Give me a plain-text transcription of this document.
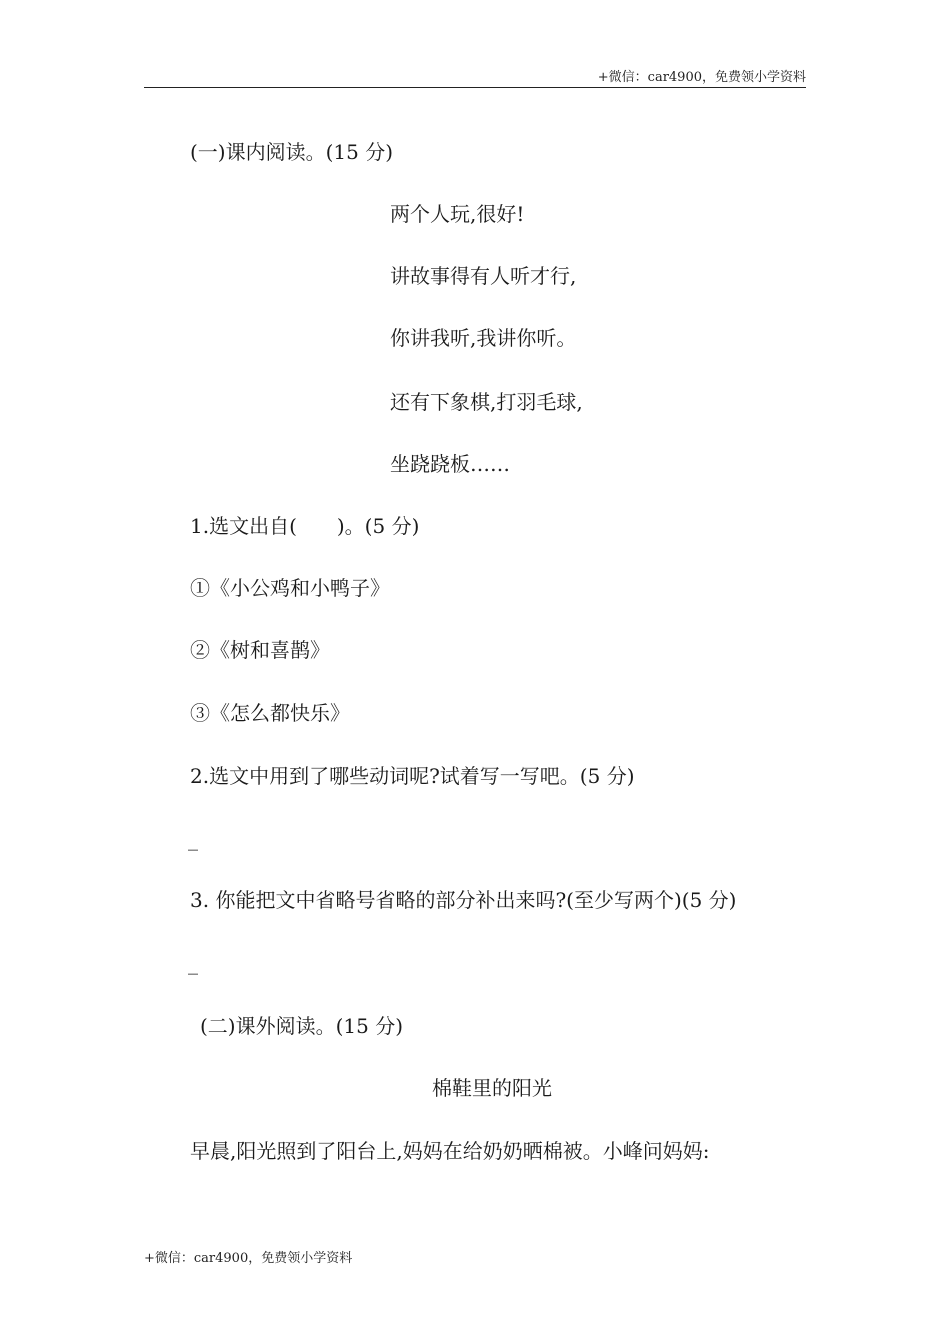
+微信：car4900，免费领小学资料
(一)课内阅读。(15 分)
两个人玩,很好!
讲故事得有人听才行,
你讲我听,我讲你听。
还有下象棋,打羽毛球,
坐跷跷板……
1.选文出自(　　)。(5 分)
①《小公鸡和小鸭子》
②《树和喜鹊》
③《怎么都快乐》
2.选文中用到了哪些动词呢?试着写一写吧。(5 分)
_
3. 你能把文中省略号省略的部分补出来吗?(至少写两个)(5 分)
_
(二)课外阅读。(15 分)
棉鞋里的阳光
早晨,阳光照到了阳台上,妈妈在给奶奶晒棉被。小峰问妈妈:
+微信：car4900，免费领小学资料
